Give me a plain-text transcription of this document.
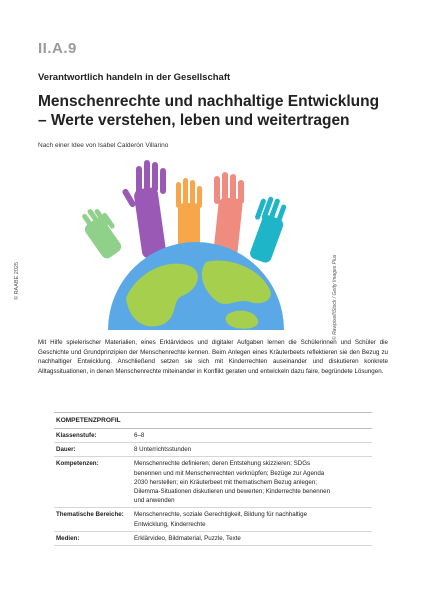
II.A.9
Verantwortlich handeln in der Gesellschaft
Menschenrechte und nachhaltige Entwicklung – Werte verstehen, leben und weitertragen
Nach einer Idee von Isabel Calderón Villarino
© RAABE 2025	© Rawpixel/iStock / Getty Images Plus
Mit Hilfe spielerischer Materialien, eines Erklärvideos und digitaler Aufgaben lernen die Schülerinnen und Schüler die Geschichte und Grundprinzipien der Menschenrechte kennen. Beim Anlegen eines Kräuterbeets reflektieren sie den Bezug zu nachhaltiger Entwicklung. Anschließend setzen sie sich mit Kinderrechten auseinander und diskutieren konkrete Alltagssituationen, in denen Menschenrechte miteinander in Konflikt geraten und entwickeln dazu faire, begründete Lösungen.
KOMPETENZPROFIL
Klassenstufe:	6–8
Dauer:	8 Unterrichtsstunden
Kompetenzen:	Menschenrechte definieren; deren Entstehung skizzieren; SDGs benennen und mit Menschenrechten verknüpfen; Bezüge zur Agenda 2030 herstellen; ein Kräuterbeet mit thematischem Bezug anlegen; Dilemma-Situationen diskutieren und bewerten; Kinderrechte benennen und anwenden
Thematische Bereiche:	Menschenrechte, soziale Gerechtigkeit, Bildung für nachhaltige Entwicklung, Kinderrechte
Medien:	Erklärvideo, Bildmaterial, Puzzle, Texte
